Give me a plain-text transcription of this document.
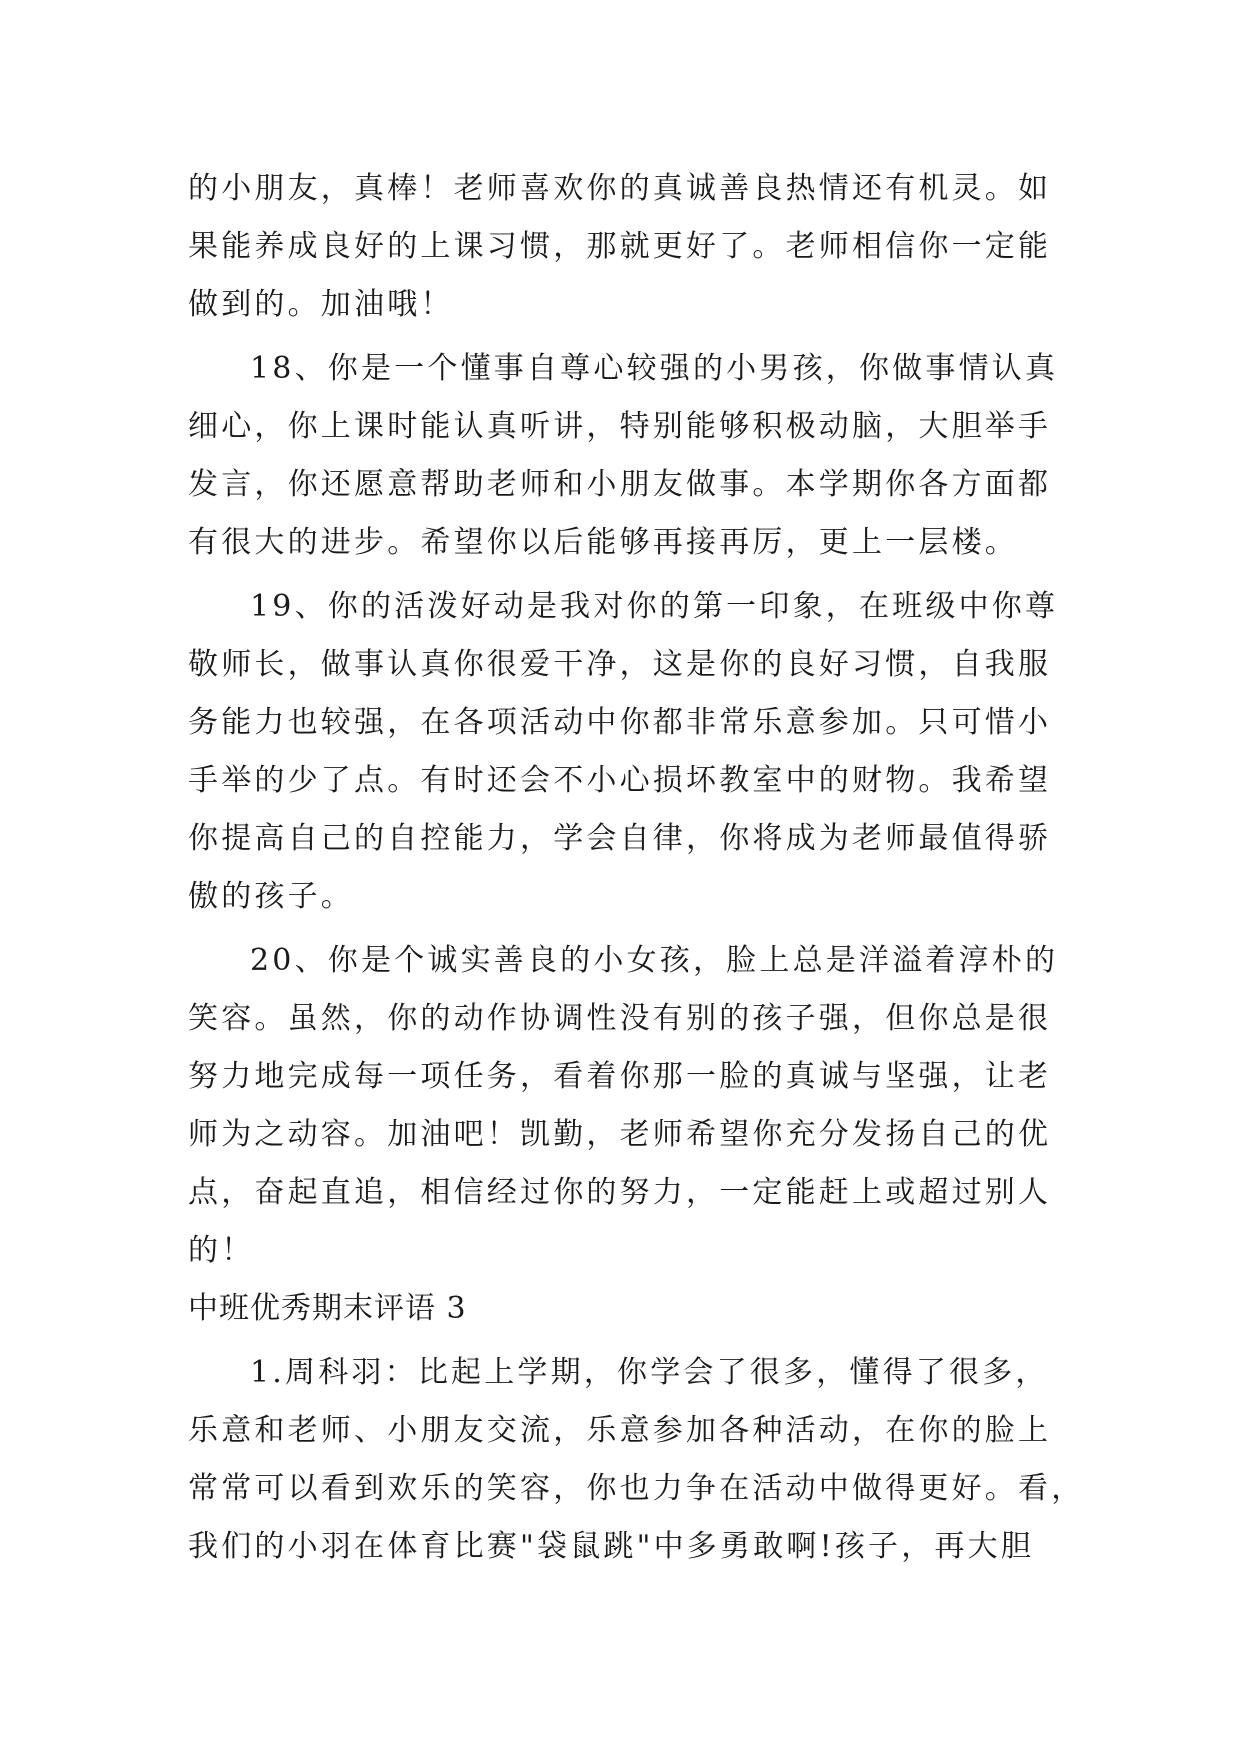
的小朋友，真棒！老师喜欢你的真诚善良热情还有机灵。如
果能养成良好的上课习惯，那就更好了。老师相信你一定能
做到的。加油哦！
18、你是一个懂事自尊心较强的小男孩，你做事情认真
细心，你上课时能认真听讲，特别能够积极动脑，大胆举手
发言，你还愿意帮助老师和小朋友做事。本学期你各方面都
有很大的进步。希望你以后能够再接再厉，更上一层楼。
19、你的活泼好动是我对你的第一印象，在班级中你尊
敬师长，做事认真你很爱干净，这是你的良好习惯，自我服
务能力也较强，在各项活动中你都非常乐意参加。只可惜小
手举的少了点。有时还会不小心损坏教室中的财物。我希望
你提高自己的自控能力，学会自律，你将成为老师最值得骄
傲的孩子。
20、你是个诚实善良的小女孩，脸上总是洋溢着淳朴的
笑容。虽然，你的动作协调性没有别的孩子强，但你总是很
努力地完成每一项任务，看着你那一脸的真诚与坚强，让老
师为之动容。加油吧！凯勤，老师希望你充分发扬自己的优
点，奋起直追，相信经过你的努力，一定能赶上或超过别人
的！
中班优秀期末评语 3
1.周科羽：比起上学期，你学会了很多，懂得了很多，
乐意和老师、小朋友交流，乐意参加各种活动，在你的脸上
常常可以看到欢乐的笑容，你也力争在活动中做得更好。看，
我们的小羽在体育比赛"袋鼠跳"中多勇敢啊!孩子，再大胆
